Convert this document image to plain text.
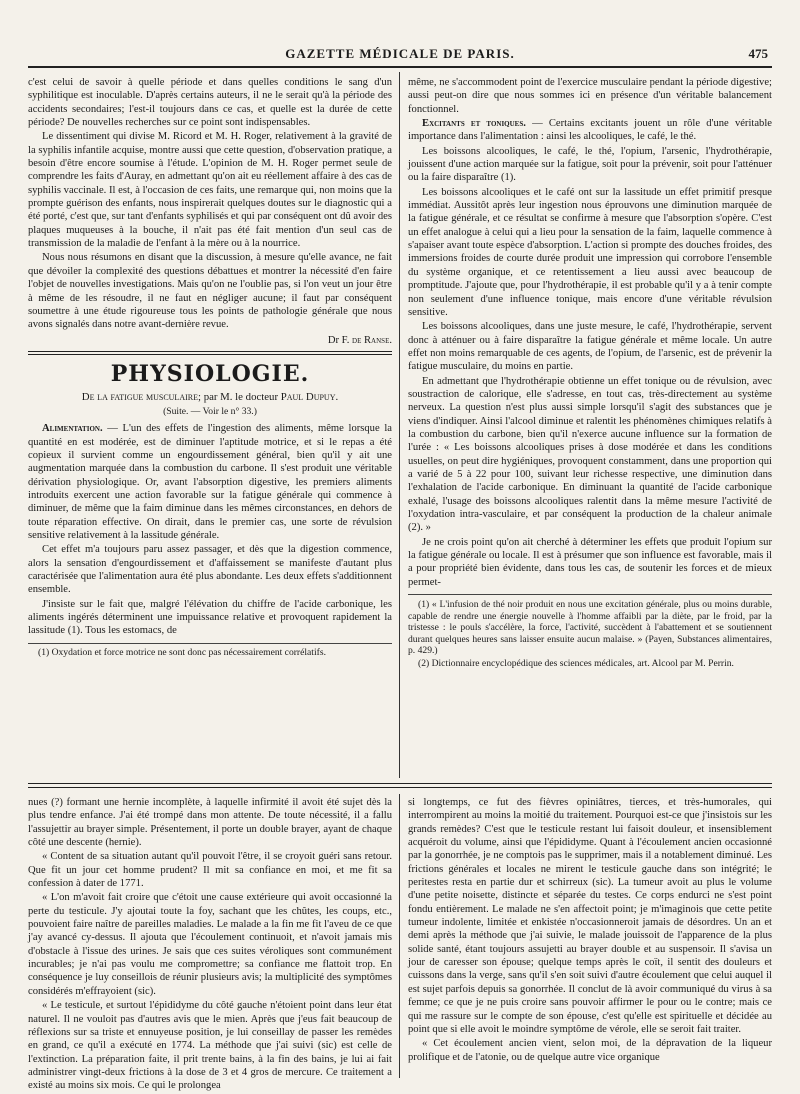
GAZETTE MÉDICALE DE PARIS.	475

c'est celui de savoir à quelle période et dans quelles conditions le sang d'un syphilitique est inoculable. D'après certains auteurs, il ne le serait qu'à la période des accidents secondaires; l'est-il toujours dans ce cas, et quelle est la durée de cette période? De nouvelles recherches sur ce point sont indispensables.

Le dissentiment qui divise M. Ricord et M. H. Roger, relativement à la gravité de la syphilis infantile acquise, montre aussi que cette question, d'observation pratique, a besoin d'être encore soumise à l'étude. L'opinion de M. H. Roger permet seule de comprendre les faits d'Auray, en admettant qu'on ait eu réellement affaire à des cas de syphilis vaccinale. Il est, à l'occasion de ces faits, une remarque qui, non moins que la prompte guérison des enfants, nous inspirerait quelques doutes sur le diagnostic qui a été porté, c'est que, sur tant d'enfants syphilisés et qui par conséquent ont dû avoir des plaques muqueuses à la bouche, il n'ait pas été fait mention d'un seul cas de transmission de la maladie de l'enfant à la mère ou à la nourrice.

Nous nous résumons en disant que la discussion, à mesure qu'elle avance, ne fait que dévoiler la complexité des questions débattues et montrer la nécessité d'en faire l'objet de nouvelles investigations. Mais qu'on ne l'oublie pas, si l'on veut un jour être à même de les résoudre, il ne faut en négliger aucune; il faut par conséquent soumettre à une étude rigoureuse tous les points de pathologie générale que nous avons signalés dans notre avant-dernière revue.

Dr F. de Ranse.
PHYSIOLOGIE.
De la fatigue musculaire; par M. le docteur Paul Dupuy.
(Suite. — Voir le n° 33.)

Alimentation. — L'un des effets de l'ingestion des aliments, même lorsque la quantité en est modérée, est de diminuer l'aptitude motrice, et si le repas a été copieux il survient comme un engourdissement général, bien qu'il y ait une augmentation marquée dans la combustion du carbone. Il s'est produit une véritable dérivation physiologique. Or, avant l'absorption digestive, les premiers aliments introduits exercent une action favorable sur la fatigue générale qui commence à diminuer, de même que la faim diminue dans les mêmes circonstances, en dehors de toute réparation effective. On dirait, dans le premier cas, une sorte de révulsion sensitive relativement à la lassitude générale.

Cet effet m'a toujours paru assez passager, et dès que la digestion commence, alors la sensation d'engourdissement et d'affaissement se manifeste d'autant plus caractérisée que l'alimentation aura été plus abondante. Les deux effets s'additionnent ensemble.

J'insiste sur le fait que, malgré l'élévation du chiffre de l'acide carbonique, les aliments ingérés déterminent une impuissance relative et provoquent rapidement la lassitude (1). Tous les estomacs, de

(1) Oxydation et force motrice ne sont donc pas nécessairement corrélatifs.

même, ne s'accommodent point de l'exercice musculaire pendant la période digestive; aussi peut-on dire que nous sommes ici en présence d'un véritable balancement fonctionnel.

Excitants et toniques. — Certains excitants jouent un rôle d'une véritable importance dans l'alimentation : ainsi les alcooliques, le café, le thé.

Les boissons alcooliques, le café, le thé, l'opium, l'arsenic, l'hydrothérapie, jouissent d'une action marquée sur la fatigue, soit pour la prévenir, soit pour l'atténuer ou la faire disparaître (1).

Les boissons alcooliques et le café ont sur la lassitude un effet primitif presque immédiat. Aussitôt après leur ingestion nous éprouvons une diminution marquée de la fatigue générale, et ce résultat se confirme à mesure que l'absorption s'opère. C'est un effet analogue à celui qui a lieu pour la sensation de la faim, laquelle commence à s'apaiser avant toute espèce d'absorption. L'action si prompte des douches froides, des immersions froides de courte durée produit une impression qui corrobore l'ensemble du système organique, et ce retentissement a lieu aussi avec beaucoup de promptitude. J'ajoute que, pour l'hydrothérapie, il est probable qu'il y a à tenir compte non seulement d'une influence tonique, mais encore d'une véritable révulsion sensitive.

Les boissons alcooliques, dans une juste mesure, le café, l'hydrothérapie, servent donc à atténuer ou à faire disparaître la fatigue générale et même locale. Un autre effet non moins remarquable de ces agents, de l'opium, de l'arsenic, est de prévenir la fatigue musculaire, du moins en partie.

En admettant que l'hydrothérapie obtienne un effet tonique ou de révulsion, avec soustraction de calorique, elle s'adresse, en tout cas, très-directement au système nerveux. La question n'est plus aussi simple lorsqu'il s'agit des substances que je viens d'indiquer. Ainsi l'alcool diminue et ralentit les phénomènes chimiques relatifs à la combustion du carbone, bien qu'il n'exerce aucune influence sur la formation de l'urée : « Les boissons alcooliques prises à dose modérée et dans les conditions usuelles, on peut dire hygiéniques, provoquent constamment, dans une proportion qui a varié de 5 à 22 pour 100, suivant leur richesse respective, une diminution dans l'exhalation de l'acide carbonique. En diminuant la quantité de l'acide carbonique exhalé, l'usage des boissons alcooliques ralentit dans la même mesure l'activité de l'oxydation intra-vasculaire, et par conséquent la production de la chaleur animale (2). »

Je ne crois point qu'on ait cherché à déterminer les effets que produit l'opium sur la fatigue générale ou locale. Il est à présumer que son influence est favorable, mais il a pour propriété bien évidente, dans tous les cas, de soutenir les forces et de mieux permet-

(1) « L'infusion de thé noir produit en nous une excitation générale, plus ou moins durable, capable de rendre une énergie nouvelle à l'homme affaibli par la diète, par le froid, par la tristesse : le pouls s'accélère, la force, l'activité, succèdent à l'abattement et se soutiennent durant quelques heures sans laisser ensuite aucun malaise. » (Payen, Substances alimentaires, p. 429.)

(2) Dictionnaire encyclopédique des sciences médicales, art. Alcool par M. Perrin.

nues (?) formant une hernie incomplète, à laquelle infirmité il avoit été sujet dès la plus tendre enfance. J'ai été trompé dans mon attente. De toute nécessité, il a fallu l'assujettir au brayer simple. Présentement, il porte un double brayer, ayant de chaque côté une descente (hernie).

« Content de sa situation autant qu'il pouvoit l'être, il se croyoit guéri sans retour. Que fit un jour cet homme prudent? Il mit sa confiance en moi, et me fit sa confession à dater de 1771.

« L'on m'avoit fait croire que c'étoit une cause extérieure qui avoit occasionné la perte du testicule. J'y ajoutai toute la foy, sachant que les chûtes, les coups, etc., pouvoient faire naître de pareilles maladies. Le malade a la fin me fit l'aveu de ce que j'ay avancé cy-dessus. Il ajouta que l'écoulement continuoit, et n'avoit jamais mis d'obstacle à l'issue des urines. Je sais que ces suites véroliques sont communément incurables; je n'ai pas voulu me compromettre; sa confiance me flattoit trop. En conséquence je luy conseillois de réunir plusieurs avis; la multiplicité des symptômes considérés m'effrayoient (sic).

« Le testicule, et surtout l'épididyme du côté gauche n'étoient point dans leur état naturel. Il ne vouloit pas d'autres avis que le mien. Après que j'eus fait beaucoup de réflexions sur sa triste et ennuyeuse position, je lui conseillay de passer les remèdes en grand, ce qu'il a exécuté en 1774. La méthode que j'ai suivi (sic) est celle de l'extinction. La préparation faite, il prit trente bains, à la fin des bains, je lui ai fait administrer vingt-deux frictions à la dose de 3 et 4 gros de mercure. Ce traitement a existé au moins six mois. Ce qui le prolongea

si longtemps, ce fut des fièvres opiniâtres, tierces, et très-humorales, qui interrompirent au moins la moitié du traitement. Pourquoi est-ce que j'insistois sur les grands remèdes? C'est que le testicule restant lui faisoit douleur, et insensiblement acquéroit du volume, ainsi que l'épididyme. Quant à l'écoulement ancien occasionné par la gonorrhée, je ne comptois pas le supprimer, mais il a notablement diminué. Les frictions générales et locales ne mirent le testicule gauche dans son intégrité; le peritestes resta en partie dur et schirreux (sic). La tumeur avoit au plus le volume d'une petite noisette, distincte et séparée du testes. Ce corps endurci ne s'est point fondu entièrement. Le malade ne s'en affectoit point; je m'imaginois que cette petite tumeur indolente, limitée et enkistée n'occasionneroit jamais de désordres. Un an et demi après la méthode que j'ai suivie, le malade jouissoit de l'apparence de la plus solide santé, étant toujours assujetti au brayer double et au suspensoir. Il s'avisa un jour de caresser son épouse; quelque temps après le coït, il sentit des douleurs et cuissons dans la verge, sans qu'il s'en soit suivi d'autre écoulement que celui auquel il est sujet parfois depuis sa gonorrhée. Il conclut de là avoir communiqué du virus à sa femme; ce que je ne puis croire sans pouvoir affirmer le pour ou le contre; mais ce qui me rassure sur le compte de son épouse, c'est qu'elle est spirituelle et décidée au point que si elle avoit le moindre symptôme de vérole, elle se seroit fait traiter.

« Cet écoulement ancien vient, selon moi, de la dépravation de la liqueur prolifique et de l'atonie, ou de quelque autre vice organique
